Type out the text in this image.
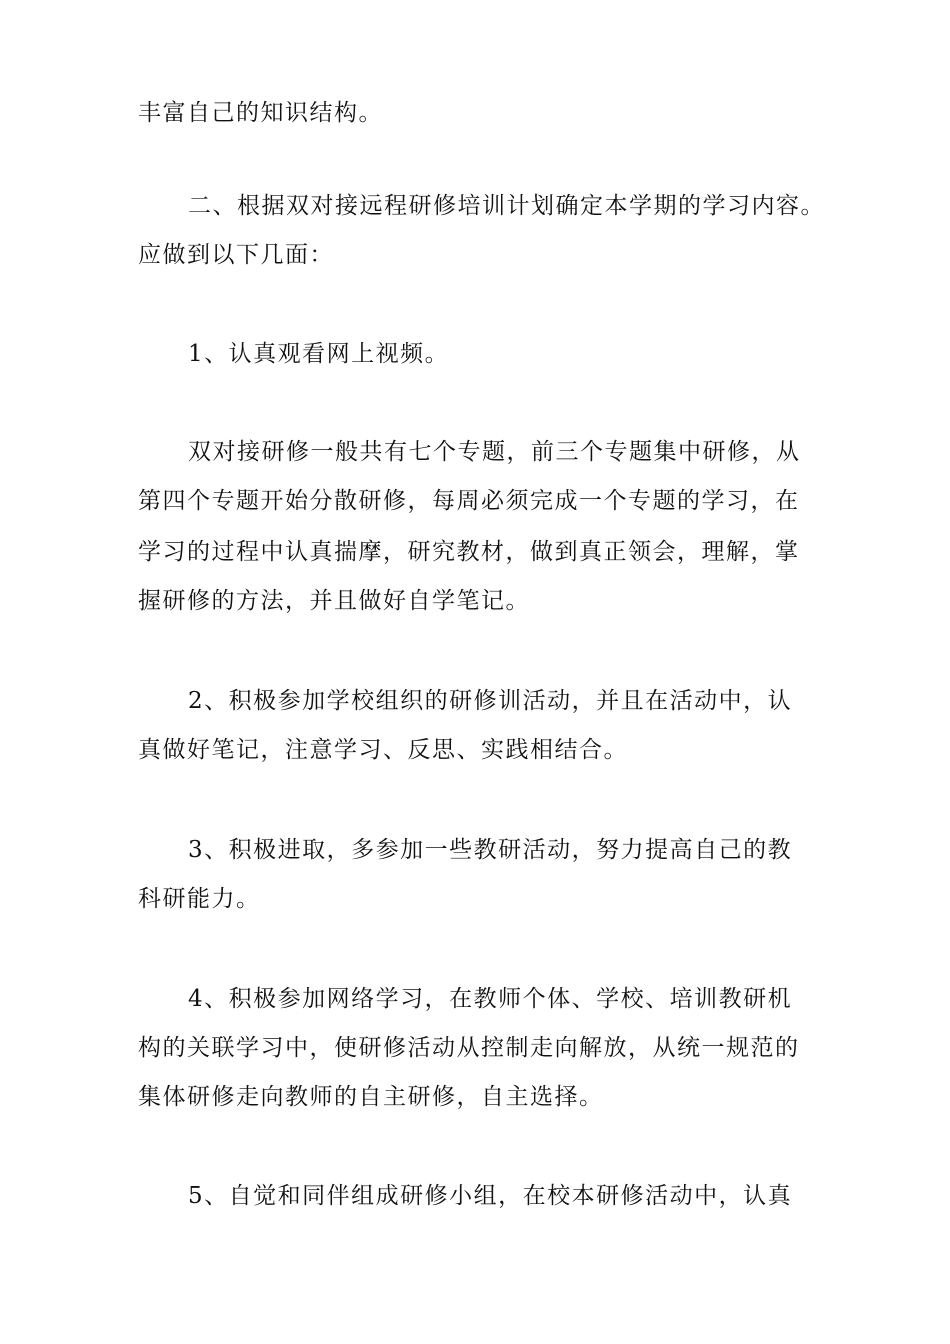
丰富自己的知识结构。
二、根据双对接远程研修培训计划确定本学期的学习内容。
应做到以下几面：
1、认真观看网上视频。
双对接研修一般共有七个专题，前三个专题集中研修，从
第四个专题开始分散研修，每周必须完成一个专题的学习，在
学习的过程中认真揣摩，研究教材，做到真正领会，理解，掌
握研修的方法，并且做好自学笔记。
2、积极参加学校组织的研修训活动，并且在活动中，认
真做好笔记，注意学习、反思、实践相结合。
3、积极进取，多参加一些教研活动，努力提高自己的教
科研能力。
4、积极参加网络学习，在教师个体、学校、培训教研机
构的关联学习中，使研修活动从控制走向解放，从统一规范的
集体研修走向教师的自主研修，自主选择。
5、自觉和同伴组成研修小组，在校本研修活动中，认真
